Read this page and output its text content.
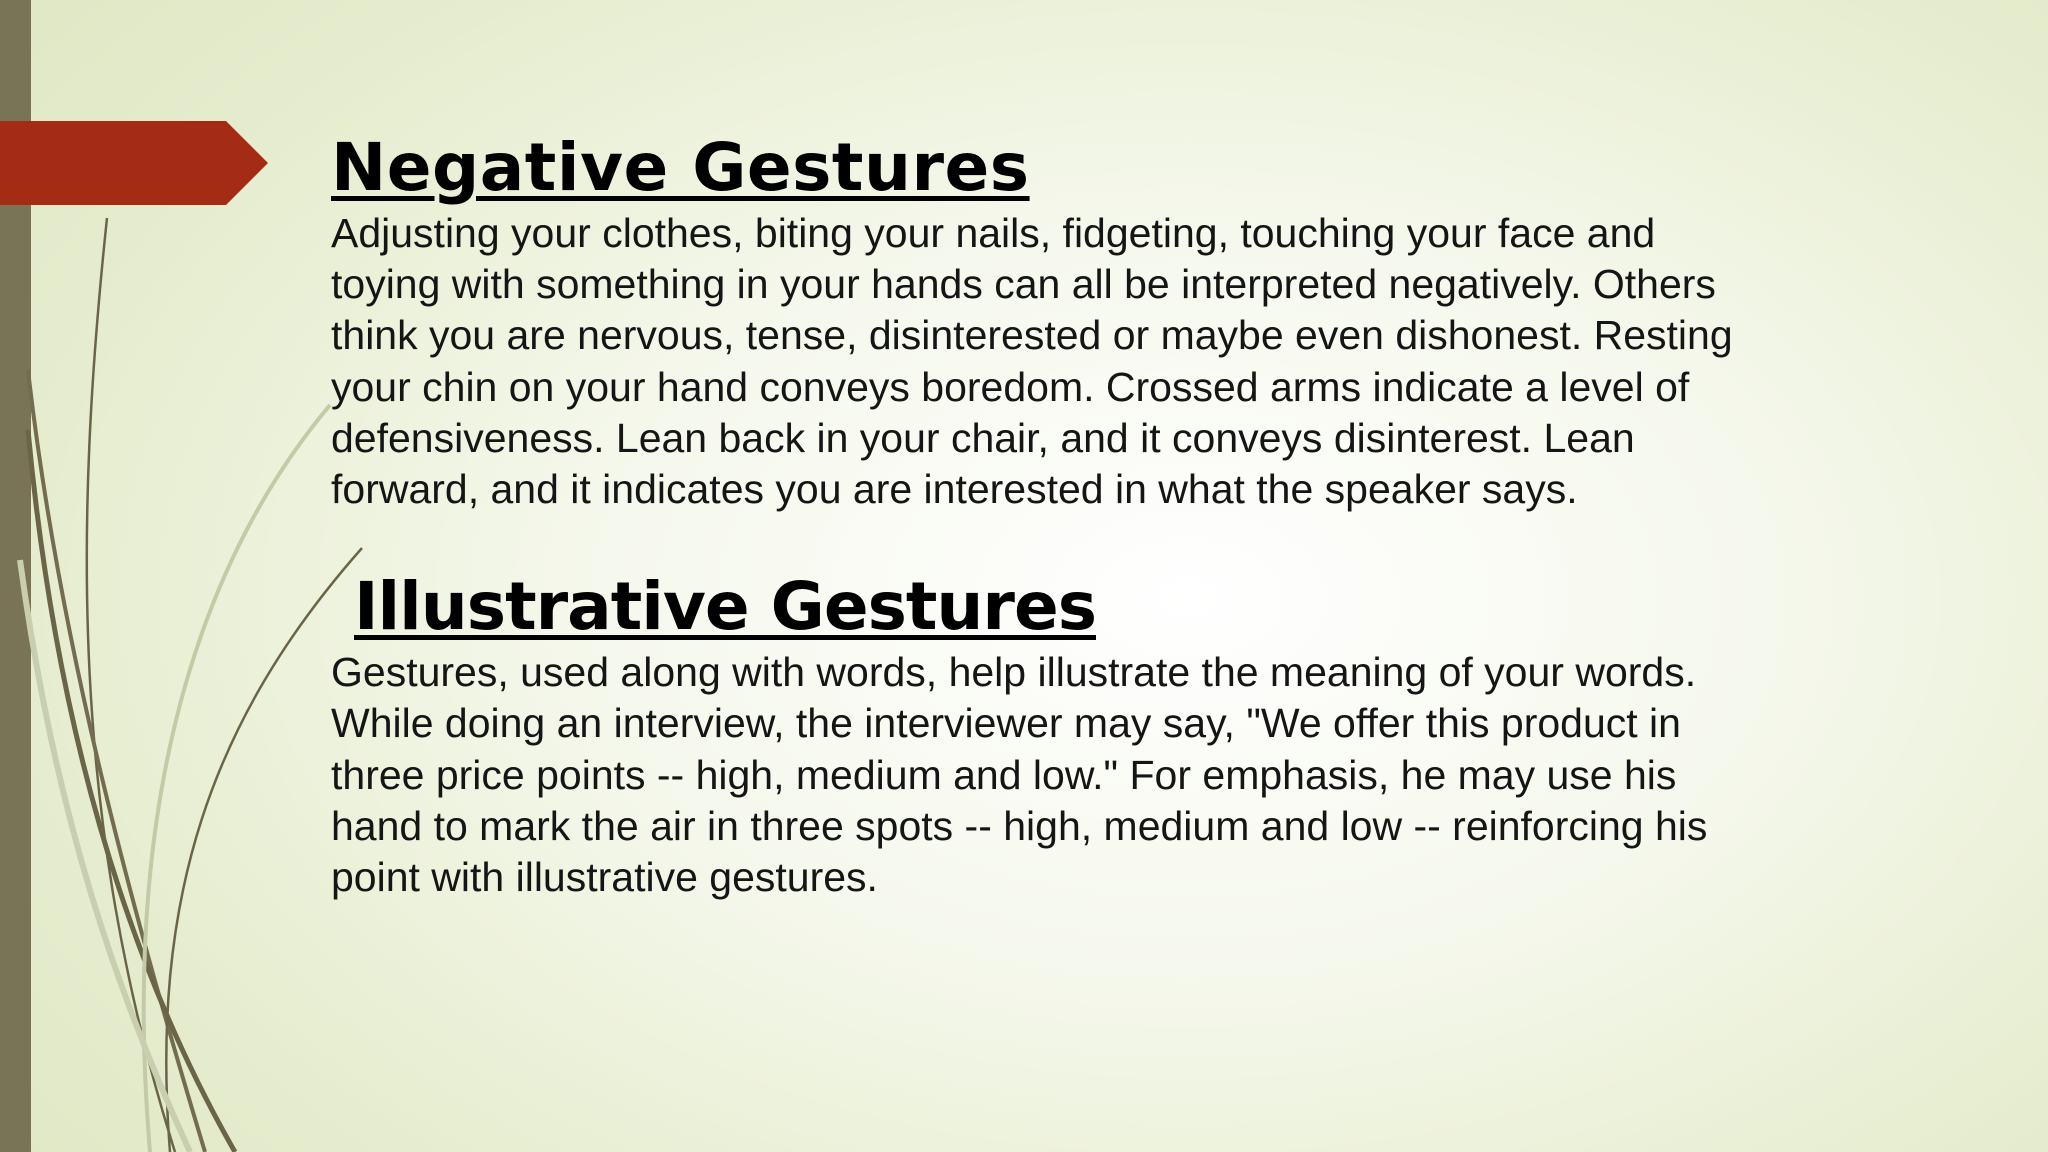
Negative Gestures

Adjusting your clothes, biting your nails, fidgeting, touching your face and toying with something in your hands can all be interpreted negatively. Others think you are nervous, tense, disinterested or maybe even dishonest. Resting your chin on your hand conveys boredom. Crossed arms indicate a level of defensiveness. Lean back in your chair, and it conveys disinterest. Lean forward, and it indicates you are interested in what the speaker says.

Illustrative Gestures

Gestures, used along with words, help illustrate the meaning of your words. While doing an interview, the interviewer may say, "We offer this product in three price points -- high, medium and low." For emphasis, he may use his hand to mark the air in three spots -- high, medium and low -- reinforcing his point with illustrative gestures.
